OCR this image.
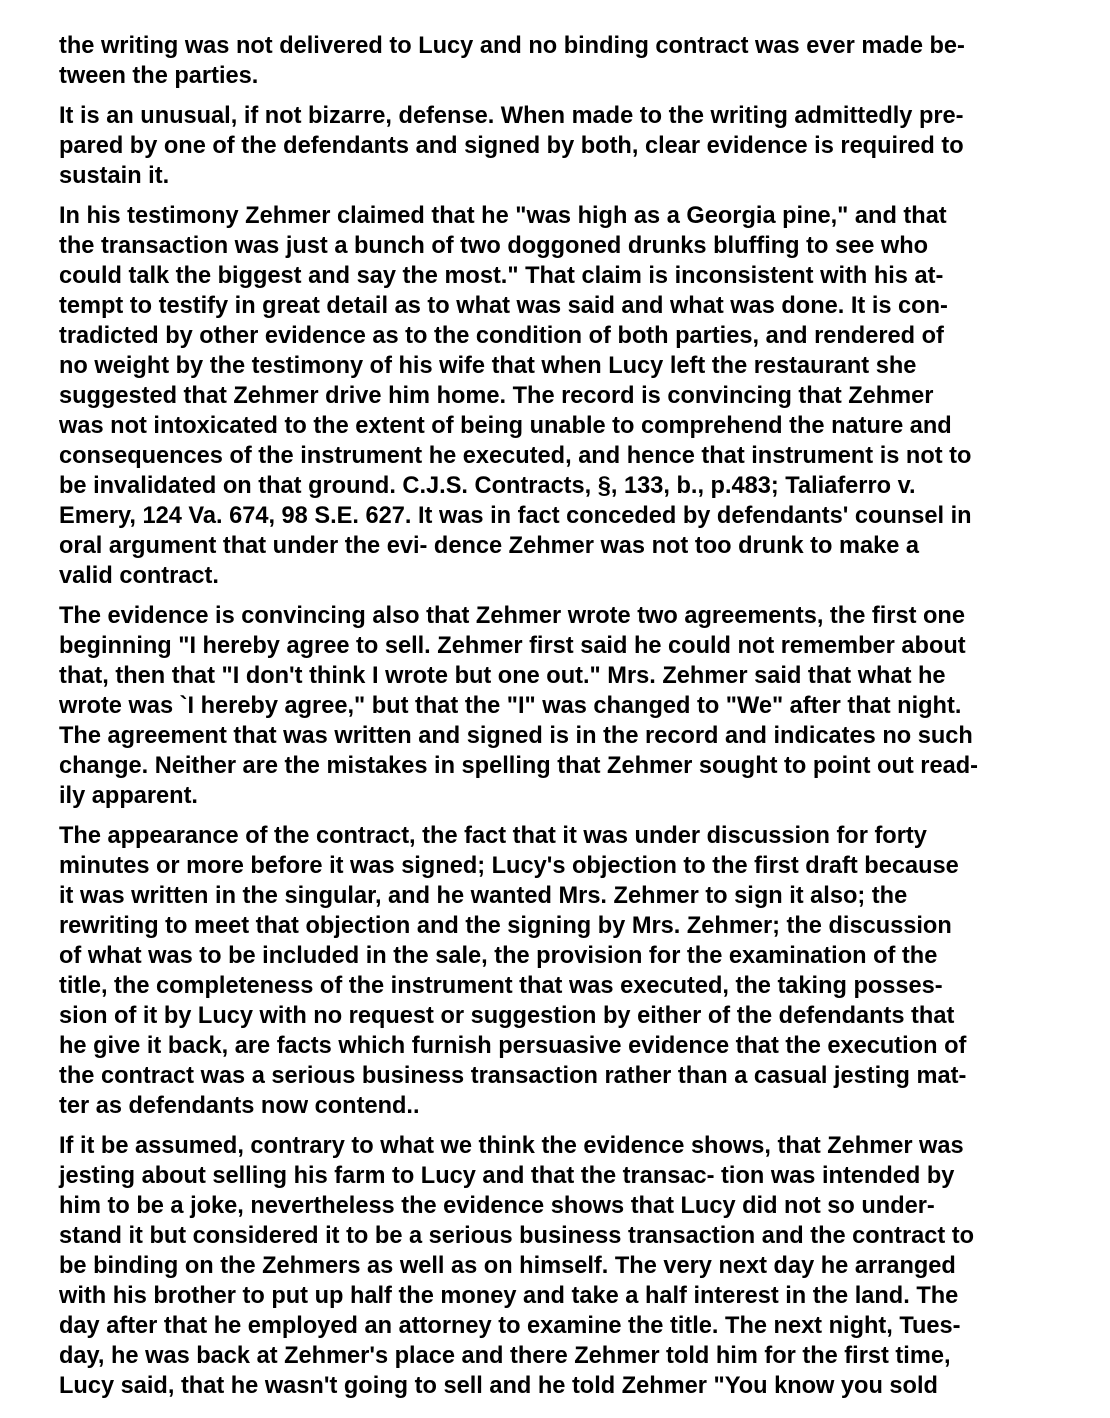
the writing was not delivered to Lucy and no binding contract was ever made be-
tween the parties.
It is an unusual, if not bizarre, defense. When made to the writing admittedly pre-
pared by one of the defendants and signed by both, clear evidence is required to
sustain it.
In his testimony Zehmer claimed that he "was high as a Georgia pine," and that
the transaction was just a bunch of two doggoned drunks bluffing to see who
could talk the biggest and say the most." That claim is inconsistent with his at-
tempt to testify in great detail as to what was said and what was done. It is con-
tradicted by other evidence as to the condition of both parties, and rendered of
no weight by the testimony of his wife that when Lucy left the restaurant she
suggested that Zehmer drive him home. The record is convincing that Zehmer
was not intoxicated to the extent of being unable to comprehend the nature and
consequences of the instrument he executed, and hence that instrument is not to
be invalidated on that ground. C.J.S. Contracts, §, 133, b., p.483; Taliaferro v.
Emery, 124 Va. 674, 98 S.E. 627. It was in fact conceded by defendants' counsel in
oral argument that under the evi- dence Zehmer was not too drunk to make a
valid contract.
The evidence is convincing also that Zehmer wrote two agreements, the first one
beginning "I hereby agree to sell. Zehmer first said he could not remember about
that, then that "I don't think I wrote but one out." Mrs. Zehmer said that what he
wrote was `I hereby agree," but that the "I" was changed to "We" after that night.
The agreement that was written and signed is in the record and indicates no such
change. Neither are the mistakes in spelling that Zehmer sought to point out read-
ily apparent.
The appearance of the contract, the fact that it was under discussion for forty
minutes or more before it was signed; Lucy's objection to the first draft because
it was written in the singular, and he wanted Mrs. Zehmer to sign it also; the
rewriting to meet that objection and the signing by Mrs. Zehmer; the discussion
of what was to be included in the sale, the provision for the examination of the
title, the completeness of the instrument that was executed, the taking posses-
sion of it by Lucy with no request or suggestion by either of the defendants that
he give it back, are facts which furnish persuasive evidence that the execution of
the contract was a serious business transaction rather than a casual jesting mat-
ter as defendants now contend..
If it be assumed, contrary to what we think the evidence shows, that Zehmer was
jesting about selling his farm to Lucy and that the transac- tion was intended by
him to be a joke, nevertheless the evidence shows that Lucy did not so under-
stand it but considered it to be a serious business transaction and the contract to
be binding on the Zehmers as well as on himself. The very next day he arranged
with his brother to put up half the money and take a half interest in the land. The
day after that he employed an attorney to examine the title. The next night, Tues-
day, he was back at Zehmer's place and there Zehmer told him for the first time,
Lucy said, that he wasn't going to sell and he told Zehmer "You know you sold
